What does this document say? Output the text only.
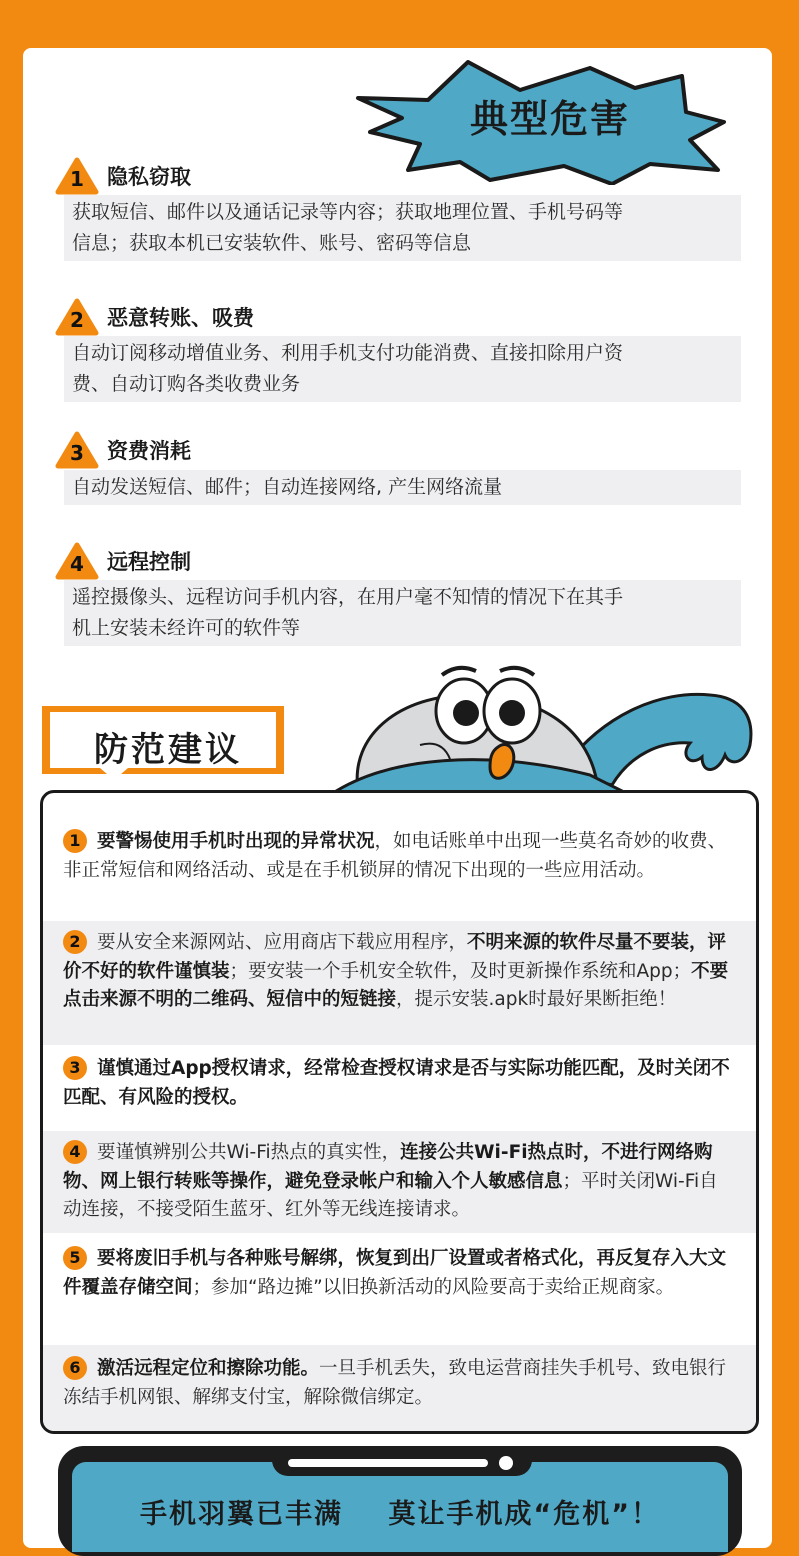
典型危害
1	隐私窃取
获取短信、邮件以及通话记录等内容；获取地理位置、手机号码等
信息；获取本机已安装软件、账号、密码等信息
2	恶意转账、吸费
自动订阅移动增值业务、利用手机支付功能消费、直接扣除用户资
费、自动订购各类收费业务
3	资费消耗
自动发送短信、邮件；自动连接网络, 产生网络流量
4	远程控制
遥控摄像头、远程访问手机内容，在用户毫不知情的情况下在其手
机上安装未经许可的软件等
防范建议
1 要警惕使用手机时出现的异常状况，如电话账单中出现一些莫名奇妙的收费、非正常短信和网络活动、或是在手机锁屏的情况下出现的一些应用活动。
2 要从安全来源网站、应用商店下载应用程序，不明来源的软件尽量不要装，评价不好的软件谨慎装；要安装一个手机安全软件，及时更新操作系统和App；不要点击来源不明的二维码、短信中的短链接，提示安装.apk时最好果断拒绝！
3 谨慎通过App授权请求，经常检查授权请求是否与实际功能匹配，及时关闭不匹配、有风险的授权。
4 要谨慎辨别公共Wi-Fi热点的真实性，连接公共Wi-Fi热点时，不进行网络购物、网上银行转账等操作，避免登录帐户和输入个人敏感信息；平时关闭Wi-Fi自动连接，不接受陌生蓝牙、红外等无线连接请求。
5 要将废旧手机与各种账号解绑，恢复到出厂设置或者格式化，再反复存入大文件覆盖存储空间；参加“路边摊”以旧换新活动的风险要高于卖给正规商家。
6 激活远程定位和擦除功能。一旦手机丢失，致电运营商挂失手机号、致电银行冻结手机网银、解绑支付宝，解除微信绑定。
手机羽翼已丰满    莫让手机成“危机”！
